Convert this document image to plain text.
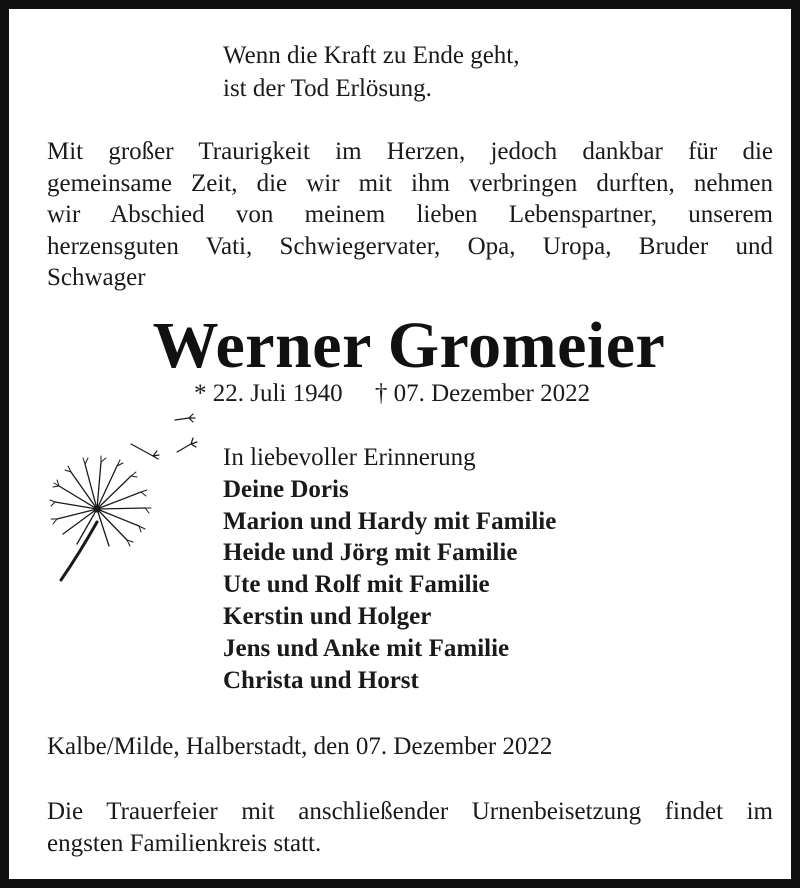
Wenn die Kraft zu Ende geht,
ist der Tod Erlösung.
Mit großer Traurigkeit im Herzen, jedoch dankbar für die
gemeinsame Zeit, die wir mit ihm verbringen durften, nehmen
wir Abschied von meinem lieben Lebenspartner, unserem
herzensguten Vati, Schwiegervater, Opa, Uropa, Bruder und
Schwager
Werner Gromeier
* 22. Juli 1940 † 07. Dezember 2022
In liebevoller Erinnerung
Deine Doris
Marion und Hardy mit Familie
Heide und Jörg mit Familie
Ute und Rolf mit Familie
Kerstin und Holger
Jens und Anke mit Familie
Christa und Horst
Kalbe/Milde, Halberstadt, den 07. Dezember 2022
Die Trauerfeier mit anschließender Urnenbeisetzung findet im
engsten Familienkreis statt.
